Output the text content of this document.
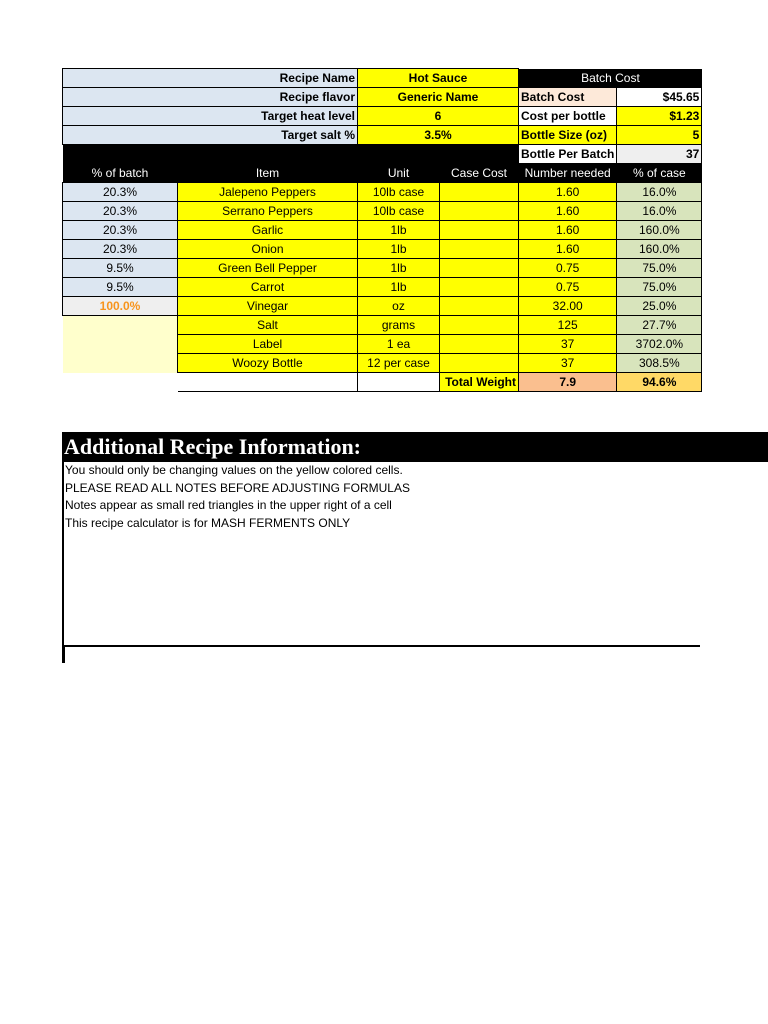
Recipe Name		Hot Sauce		Batch Cost		
Recipe flavor		Generic Name		Batch Cost	$45.65	
Target heat level		6		Cost per bottle	$1.23	
Target salt %		3.5%		Bottle Size (oz)	5	
				Bottle Per Batch	37	
% of batch	Item	Unit	Case Cost	Number needed	% of case	
20.3%	Jalepeno Peppers	10lb case		1.60	16.0%	
20.3%	Serrano Peppers	10lb case		1.60	16.0%	
20.3%	Garlic	1lb		1.60	160.0%	
20.3%	Onion	1lb		1.60	160.0%	
9.5%	Green Bell Pepper	1lb		0.75	75.0%	
9.5%	Carrot	1lb		0.75	75.0%	
100.0%	Vinegar	oz		32.00	25.0%	
	Salt	grams		125	27.7%	
	Label	1 ea		37	3702.0%	
	Woozy Bottle	12 per case		37	308.5%	
			Total Weight	7.9	94.6%	
Additional Recipe Information:
You should only be changing values on the yellow colored cells.
PLEASE READ ALL NOTES BEFORE ADJUSTING FORMULAS
Notes appear as small red triangles in the upper right of a cell
This recipe calculator is for MASH FERMENTS ONLY
